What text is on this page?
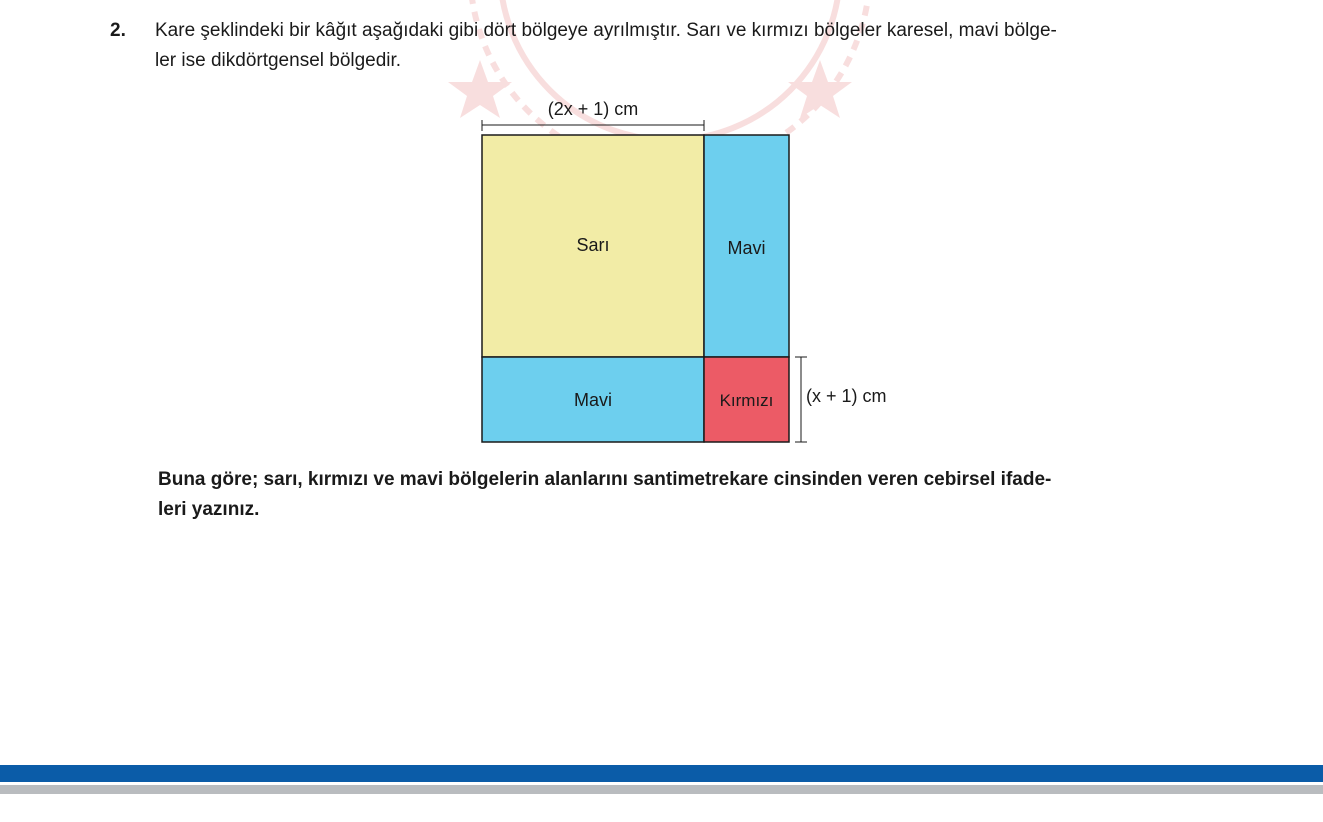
2. Kare şeklindeki bir kâğıt aşağıdaki gibi dört bölgeye ayrılmıştır. Sarı ve kırmızı bölgeler karesel, mavi bölge-
ler ise dikdörtgensel bölgedir.
(2x + 1) cm
(x + 1) cm
Sarı	Mavi
Mavi	Kırmızı
Buna göre; sarı, kırmızı ve mavi bölgelerin alanlarını santimetrekare cinsinden veren cebirsel ifade-
leri yazınız.
